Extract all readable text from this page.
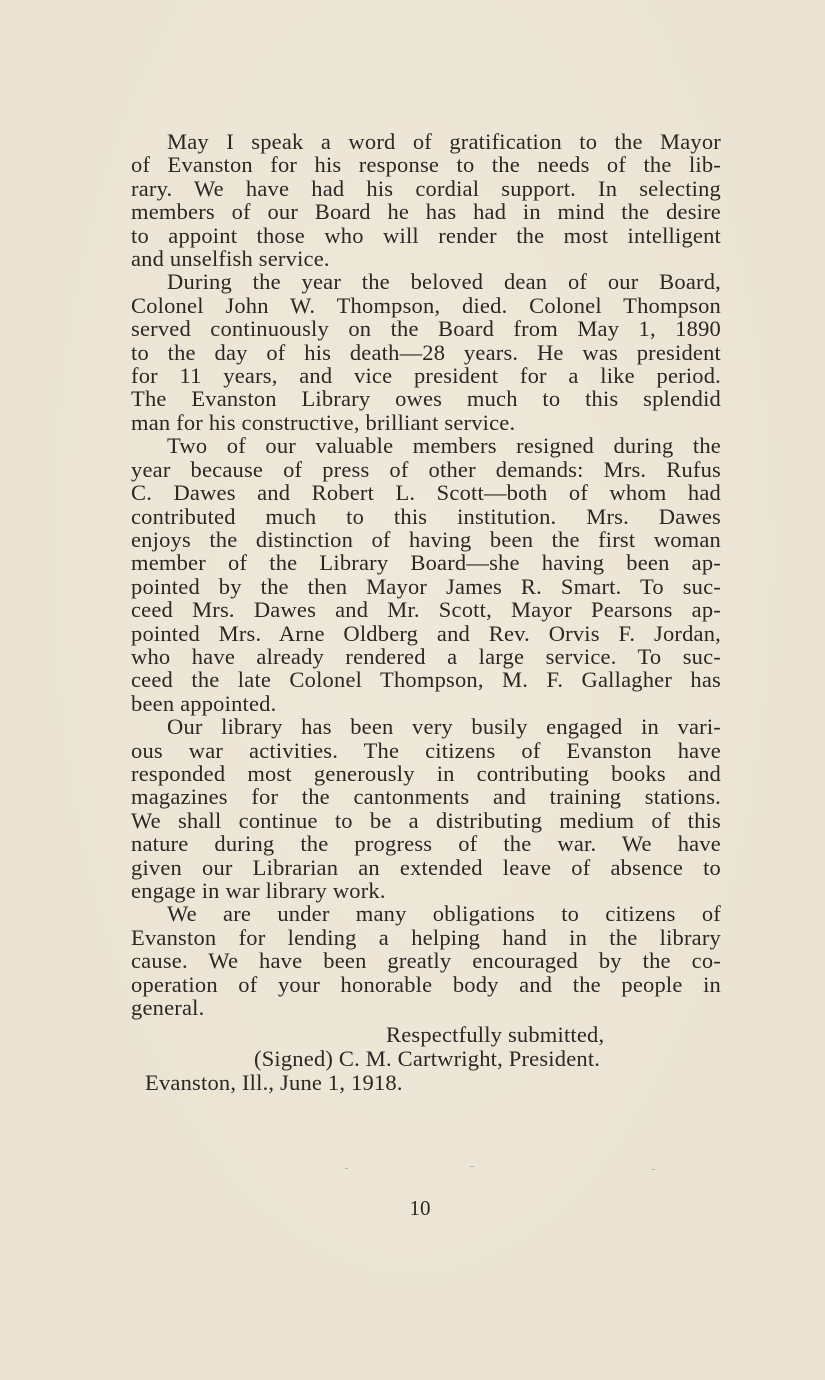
May I speak a word of gratification to the Mayor
of Evanston for his response to the needs of the lib-
rary. We have had his cordial support. In selecting
members of our Board he has had in mind the desire
to appoint those who will render the most intelligent
and unselfish service.
During the year the beloved dean of our Board,
Colonel John W. Thompson, died. Colonel Thompson
served continuously on the Board from May 1, 1890
to the day of his death—28 years. He was president
for 11 years, and vice president for a like period.
The Evanston Library owes much to this splendid
man for his constructive, brilliant service.
Two of our valuable members resigned during the
year because of press of other demands: Mrs. Rufus
C. Dawes and Robert L. Scott—both of whom had
contributed much to this institution. Mrs. Dawes
enjoys the distinction of having been the first woman
member of the Library Board—she having been ap-
pointed by the then Mayor James R. Smart. To suc-
ceed Mrs. Dawes and Mr. Scott, Mayor Pearsons ap-
pointed Mrs. Arne Oldberg and Rev. Orvis F. Jordan,
who have already rendered a large service. To suc-
ceed the late Colonel Thompson, M. F. Gallagher has
been appointed.
Our library has been very busily engaged in vari-
ous war activities. The citizens of Evanston have
responded most generously in contributing books and
magazines for the cantonments and training stations.
We shall continue to be a distributing medium of this
nature during the progress of the war. We have
given our Librarian an extended leave of absence to
engage in war library work.
We are under many obligations to citizens of
Evanston for lending a helping hand in the library
cause. We have been greatly encouraged by the co-
operation of your honorable body and the people in
general.
Respectfully submitted,
(Signed) C. M. Cartwright, President.
Evanston, Ill., June 1, 1918.
10
